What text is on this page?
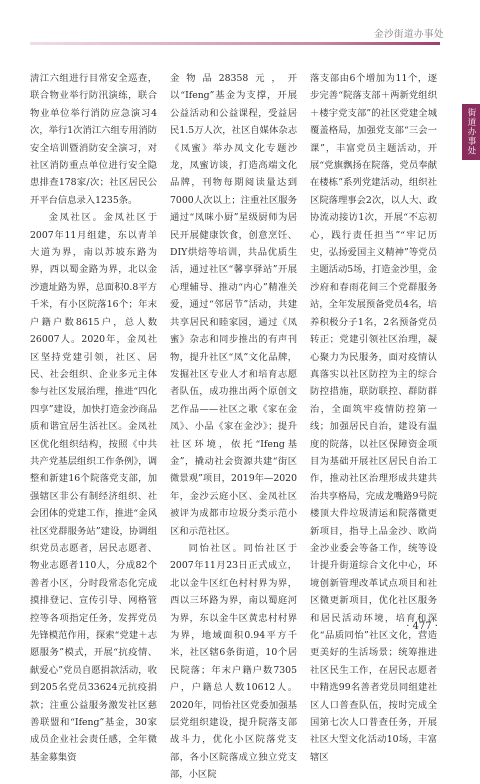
金沙街道办事处
街道办事处

淸江六组进行目常安全巡查，联合物业举行防汛演练，联合物业单位举行消防应急演习4次，举行1次消江六组专用消防安全培训暨消防安全演习，对社区消防重点单位进行安全隐患排查178家/次；社区居民公开平台信息录入1235条。

金凤社区。金凤社区于2007年11月组建，东以青羊大道为界，南以苏坡东路为界，西以蜀金路为界，北以金沙遗址路为界，总面积0.8平方千米，有小区院落16个；年末户籍户数8615户，总人数26007人。2020年，金凤社区坚持党建引领，社区、居民、社会组织、企业多元主体参与社区发展治理，推进“四化四享”建设，加快打造金沙商品质和谐宜居生活社区。金凤社区优化组织结构，按照《中共共产党基层组织工作条例》，调整和新建16个院落党支部，加强辖区非公有制经济组织、社会团体的党建工作，推进“金风社区党群服务站”建设，协调组织党员志愿者，居民志愿者、物业志愿者110人，分成82个善者小区，分时段常态化完成摸排登记、宣传引导、网格管控等各项指定任务，发挥党员先锋模范作用，探索“党建＋志愿服务”模式，开展“抗疫情、献爱心”党员自愿捐款活动，收到205名党员33624元抗疫捐款；注重公益服务激发社区慈善联盟和“Ifeng”基金，30家成员企业社会责任感，全年微基金募集资

金物品28358元，开以“Ifeng”基金为支撑，开展公益活动和公益课程，受益居民1.5万人次，社区自媒体杂志《凤蜜》举办凤文化专题沙龙，凤蜜访谈，打造高端文化品牌，刊物每期阅读量达到7000人次以上；注重社区服务通过“凤咪小厨”星级厨师为居民开展健康饮食，创意烹饪、DIY烘焙等培训，共品优质生活，通过社区“馨享驿站”开展心理辅导、推动“内心”精准关爱，通过“邻居节”活动，共建共享居民和睦家园，通过《凤蜜》杂志和同步推出的有声刊物，提升社区“凤”文化品牌，发掘社区专业人才和培育志愿者队伍，成功推出两个原创文艺作品——社区之歌《家在金凤》、小品《家在金沙》；提升社区环境，依托“Ifeng基金”，撬动社会资源共建“街区微景观”项目，2019年—2020年，金沙云庭小区、金凤社区被评为成都市垃圾分类示范小区和示范社区。

同怡社区。同怡社区于2007年11月23日正式成立，北以金牛区红色村村界为界，西以三环路为界，南以蜀庭河为界，东以金牛区黄忠村村界为界，地域面积0.94平方千米，社区辖6条街道，10个居民院落；年末户籍户数7305户，户籍总人数10612人。2020年，同怡社区党委加强基层党组织建设，提升院落支部战斗力，优化小区院落党支部，各小区院落成立独立党支部，小区院

落支部由6个增加为11个，逐步完善“院落支部＋两新党组织＋楼宇党支部”的社区党建全城覆盖格局，加强党支部“三会一课”，丰富党员主题活动，开展“党旗飘扬在院落，党员奉献在楼栋”系列党建活动，组织社区院落理事会2次，以人大、政协流动接访1次，开展“不忘初心，践行责任担当”“牢记历史，弘扬爱国主义精神”等党员主题活动5场，打造金沙里，金沙府和春雨花间三个党群服务站，全年发展预备党员4名，培养积极分子1名，2名预备党员转正；党建引领社区治理，凝心聚力为民服务，面对疫情认真落实以社区防控为主的综合防控措施，联防联控、群防群治，全面筑牢疫情防控第一线；加强居民自治，建设有温度的院落，以社区保障资金项目为基础开展社区居民自治工作，推动社区治理形成共建共治共享格局，完成龙嘴路9号院楼顶大件垃圾清运和院落微更新项目，指导上品金沙、欧尚金沙业委会等备工作，统等设计提升街道综合文化中心，环境创新管理改革试点项目和社区微更新项目，优化社区服务和居民活动环境，培育和深化“品质同怡”社区文化，营造更美好的生活场景；统筹推进社区民生工作，在居民志愿者中精选99名善者党员同组建社区人口普查队伍，按时完成全国第七次人口普查任务，开展社区大型文化活动10场，丰富辖区

· 477 ·
